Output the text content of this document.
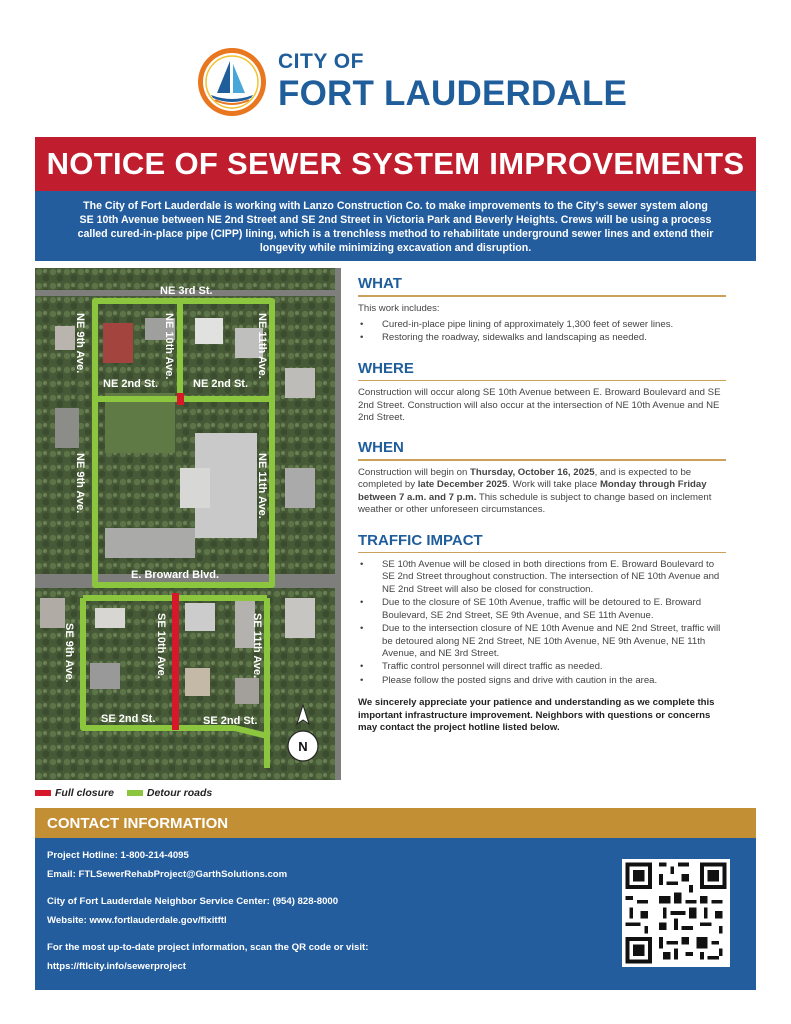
CITY OF
FORT LAUDERDALE
NOTICE OF SEWER SYSTEM IMPROVEMENTS
The City of Fort Lauderdale is working with Lanzo Construction Co. to make improvements to the City's sewer system along SE 10th Avenue between NE 2nd Street and SE 2nd Street in Victoria Park and Beverly Heights. Crews will be using a process called cured-in-place pipe (CIPP) lining, which is a trenchless method to rehabilitate underground sewer lines and extend their longevity while minimizing excavation and disruption.
NE 3rd St.
NE 9th Ave.	NE 10th Ave.	NE 11th Ave.
NE 2nd St.	NE 2nd St.
NE 9th Ave.	NE 11th Ave.
E. Broward Blvd.
SE 9th Ave.	SE 10th Ave.	SE 11th Ave.
SE 2nd St.	SE 2nd St.
N
Full closure	Detour roads
WHAT

This work includes:

• Cured-in-place pipe lining of approximately 1,300 feet of sewer lines.
• Restoring the roadway, sidewalks and landscaping as needed.
WHERE

Construction will occur along SE 10th Avenue between E. Broward Boulevard and SE 2nd Street. Construction will also occur at the intersection of NE 10th Avenue and NE 2nd Street.

WHEN

Construction will begin on Thursday, October 16, 2025, and is expected to be completed by late December 2025. Work will take place Monday through Friday between 7 a.m. and 7 p.m. This schedule is subject to change based on inclement weather or other unforeseen circumstances.

TRAFFIC IMPACT
• SE 10th Avenue will be closed in both directions from E. Broward Boulevard to SE 2nd Street throughout construction. The intersection of NE 10th Avenue and NE 2nd Street will also be closed for construction.
• Due to the closure of SE 10th Avenue, traffic will be detoured to E. Broward Boulevard, SE 2nd Street, SE 9th Avenue, and SE 11th Avenue.
• Due to the intersection closure of NE 10th Avenue and NE 2nd Street, traffic will be detoured along NE 2nd Street, NE 10th Avenue, NE 9th Avenue, NE 11th Avenue, and NE 3rd Street.
• Traffic control personnel will direct traffic as needed.
• Please follow the posted signs and drive with caution in the area.

We sincerely appreciate your patience and understanding as we complete this important infrastructure improvement. Neighbors with questions or concerns may contact the project hotline listed below.

CONTACT INFORMATION
Project Hotline: 1-800-214-4095
Email: FTLSewerRehabProject@GarthSolutions.com
City of Fort Lauderdale Neighbor Service Center: (954) 828-8000
Website: www.fortlauderdale.gov/fixitftl
For the most up-to-date project information, scan the QR code or visit:
https://ftlcity.info/sewerproject
